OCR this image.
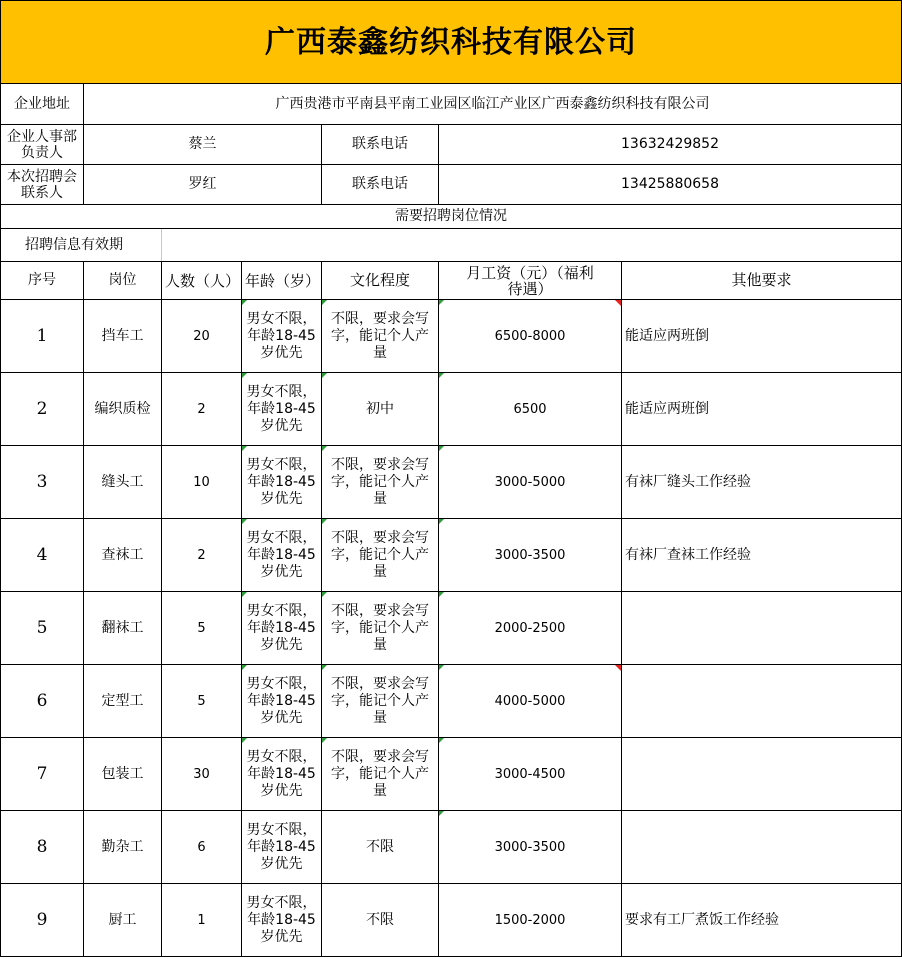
广西泰鑫纺织科技有限公司						
企业地址	广西贵港市平南县平南工业园区临江产业区广西泰鑫纺织科技有限公司					
企业人事部负责人	蔡兰			联系电话	13632429852	
本次招聘会联系人	罗红			联系电话	13425880658	
需要招聘岗位情况						
招聘信息有效期						
序号	岗位	人数（人）	年龄（岁）	文化程度	月工资（元）（福利待遇）	其他要求
1	挡车工	20	男女不限，年龄18-45岁优先	不限，要求会写字，能记个人产量	6500-8000	能适应两班倒
2	编织质检	2	男女不限，年龄18-45岁优先	初中	6500	能适应两班倒
3	缝头工	10	男女不限，年龄18-45岁优先	不限，要求会写字，能记个人产量	3000-5000	有袜厂缝头工作经验
4	查袜工	2	男女不限，年龄18-45岁优先	不限，要求会写字，能记个人产量	3000-3500	有袜厂查袜工作经验
5	翻袜工	5	男女不限，年龄18-45岁优先	不限，要求会写字，能记个人产量	2000-2500	
6	定型工	5	男女不限，年龄18-45岁优先	不限，要求会写字，能记个人产量	4000-5000	
7	包装工	30	男女不限，年龄18-45岁优先	不限，要求会写字，能记个人产量	3000-4500	
8	勤杂工	6	男女不限，年龄18-45岁优先	不限	3000-3500	
9	厨工	1	男女不限，年龄18-45岁优先	不限	1500-2000	要求有工厂煮饭工作经验
